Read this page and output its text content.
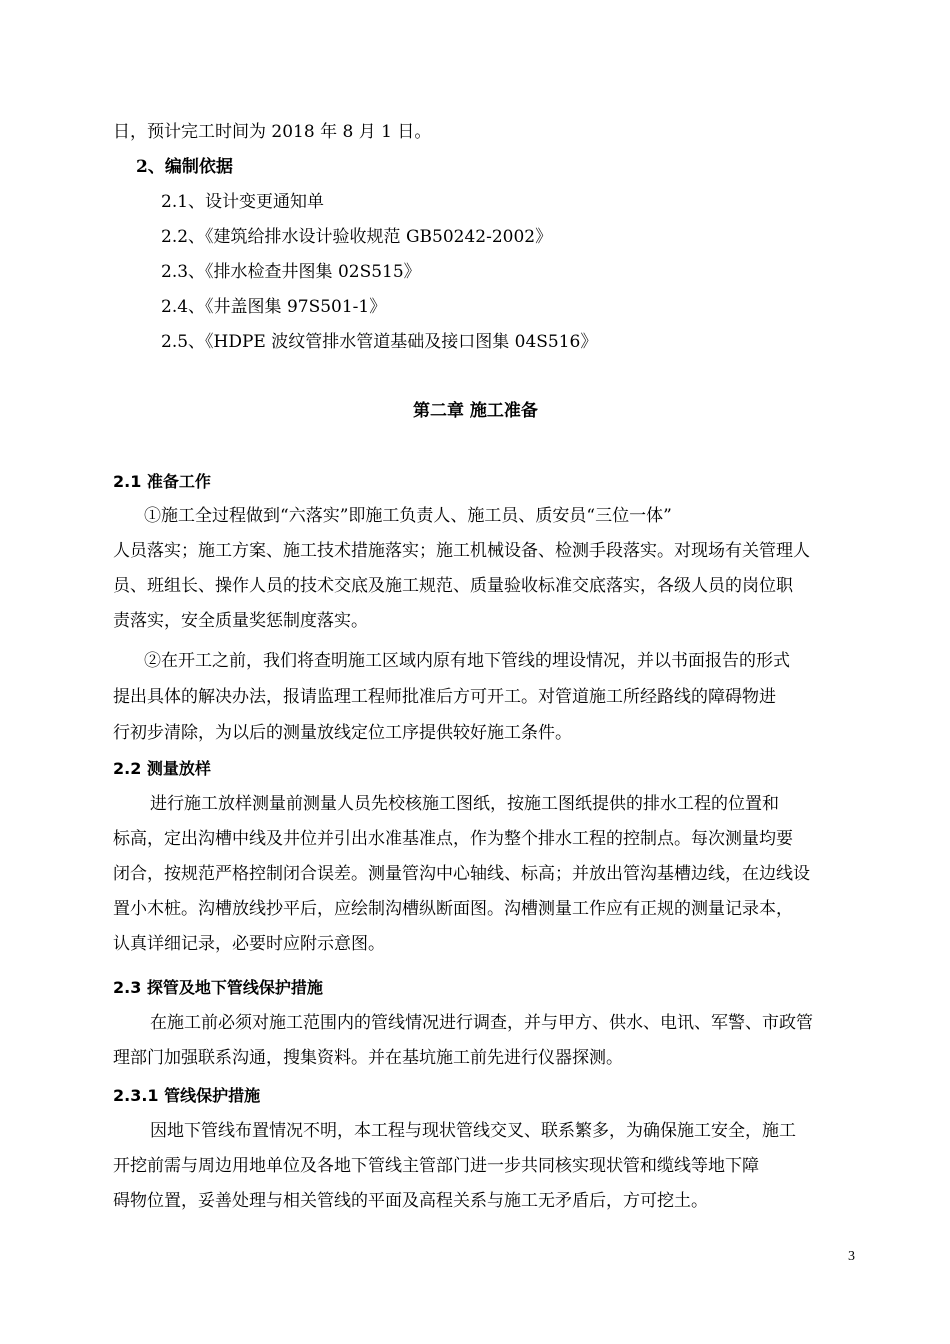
日，预计完工时间为 2018 年 8 月 1 日。
2、编制依据
2.1、设计变更通知单
2.2、《建筑给排水设计验收规范 GB50242-2002》
2.3、《排水检查井图集 02S515》
2.4、《井盖图集 97S501-1》
2.5、《HDPE 波纹管排水管道基础及接口图集 04S516》
第二章 施工准备
2.1 准备工作
①施工全过程做到“六落实”即施工负责人、施工员、质安员“三位一体”
人员落实；施工方案、施工技术措施落实；施工机械设备、检测手段落实。对现场有关管理人
员、班组长、操作人员的技术交底及施工规范、质量验收标准交底落实，各级人员的岗位职
责落实，安全质量奖惩制度落实。
②在开工之前，我们将查明施工区域内原有地下管线的埋设情况，并以书面报告的形式
提出具体的解决办法，报请监理工程师批准后方可开工。对管道施工所经路线的障碍物进
行初步清除，为以后的测量放线定位工序提供较好施工条件。
2.2 测量放样
进行施工放样测量前测量人员先校核施工图纸，按施工图纸提供的排水工程的位置和
标高，定出沟槽中线及井位并引出水准基准点，作为整个排水工程的控制点。每次测量均要
闭合，按规范严格控制闭合误差。测量管沟中心轴线、标高；并放出管沟基槽边线，在边线设
置小木桩。沟槽放线抄平后，应绘制沟槽纵断面图。沟槽测量工作应有正规的测量记录本，
认真详细记录，必要时应附示意图。
2.3 探管及地下管线保护措施
在施工前必须对施工范围内的管线情况进行调查，并与甲方、供水、电讯、军警、市政管
理部门加强联系沟通，搜集资料。并在基坑施工前先进行仪器探测。
2.3.1 管线保护措施
因地下管线布置情况不明，本工程与现状管线交叉、联系繁多，为确保施工安全，施工
开挖前需与周边用地单位及各地下管线主管部门进一步共同核实现状管和缆线等地下障
碍物位置，妥善处理与相关管线的平面及高程关系与施工无矛盾后，方可挖土。
3
